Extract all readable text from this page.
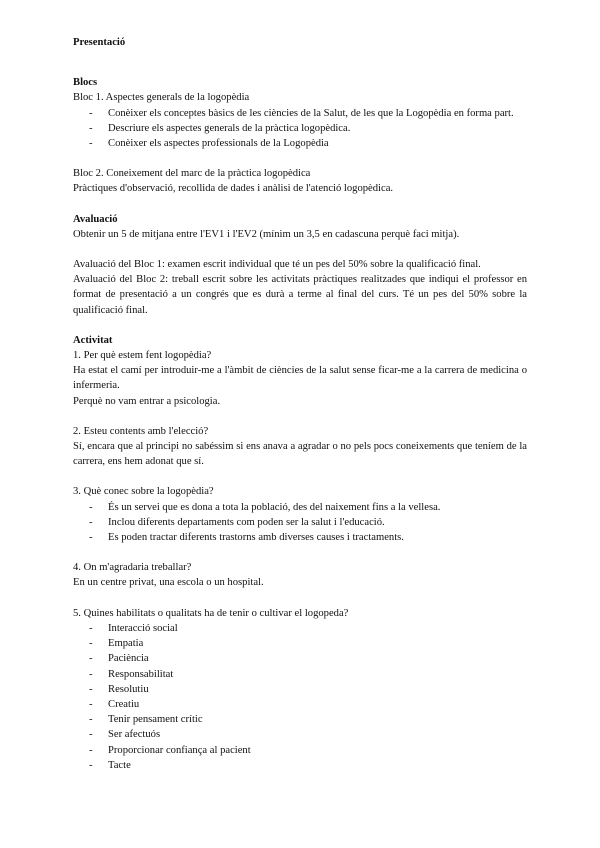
Presentació

Blocs

Bloc 1. Aspectes generals de la logopèdia

- Conèixer els conceptes bàsics de les ciències de la Salut, de les que la Logopèdia en forma part.
- Descriure els aspectes generals de la pràctica logopèdica.
- Conèixer els aspectes professionals de la Logopèdia

Bloc 2. Coneixement del marc de la pràctica logopèdica

Pràctiques d'observació, recollida de dades i anàlisi de l'atenció logopèdica.

Avaluació

Obtenir un 5 de mitjana entre l'EV1 i l'EV2 (mínim un 3,5 en cadascuna perquè faci mitja).

Avaluació del Bloc 1: examen escrit individual que té un pes del 50% sobre la qualificació final.

Avaluació del Bloc 2: treball escrit sobre les activitats pràctiques realitzades que indiqui el professor en format de presentació a un congrés que es durà a terme al final del curs. Té un pes del 50% sobre la qualificació final.

Activitat

1. Per què estem fent logopèdia?

Ha estat el camí per introduir-me a l'àmbit de ciències de la salut sense ficar-me a la carrera de medicina o infermeria.

Perquè no vam entrar a psicologia.

2. Esteu contents amb l'elecció?

Sí, encara que al principi no sabéssim si ens anava a agradar o no pels pocs coneixements que teníem de la carrera, ens hem adonat que sí.

3. Què conec sobre la logopèdia?

- És un servei que es dona a tota la població, des del naixement fins a la vellesa.
- Inclou diferents departaments com poden ser la salut i l'educació.
- Es poden tractar diferents trastorns amb diverses causes i tractaments.

4. On m'agradaria treballar?

En un centre privat, una escola o un hospital.

5. Quines habilitats o qualitats ha de tenir o cultivar el logopeda?

- Interacció social
- Empatia
- Paciència
- Responsabilitat
- Resolutiu
- Creatiu
- Tenir pensament crític
- Ser afectuós
- Proporcionar confiança al pacient
- Tacte
